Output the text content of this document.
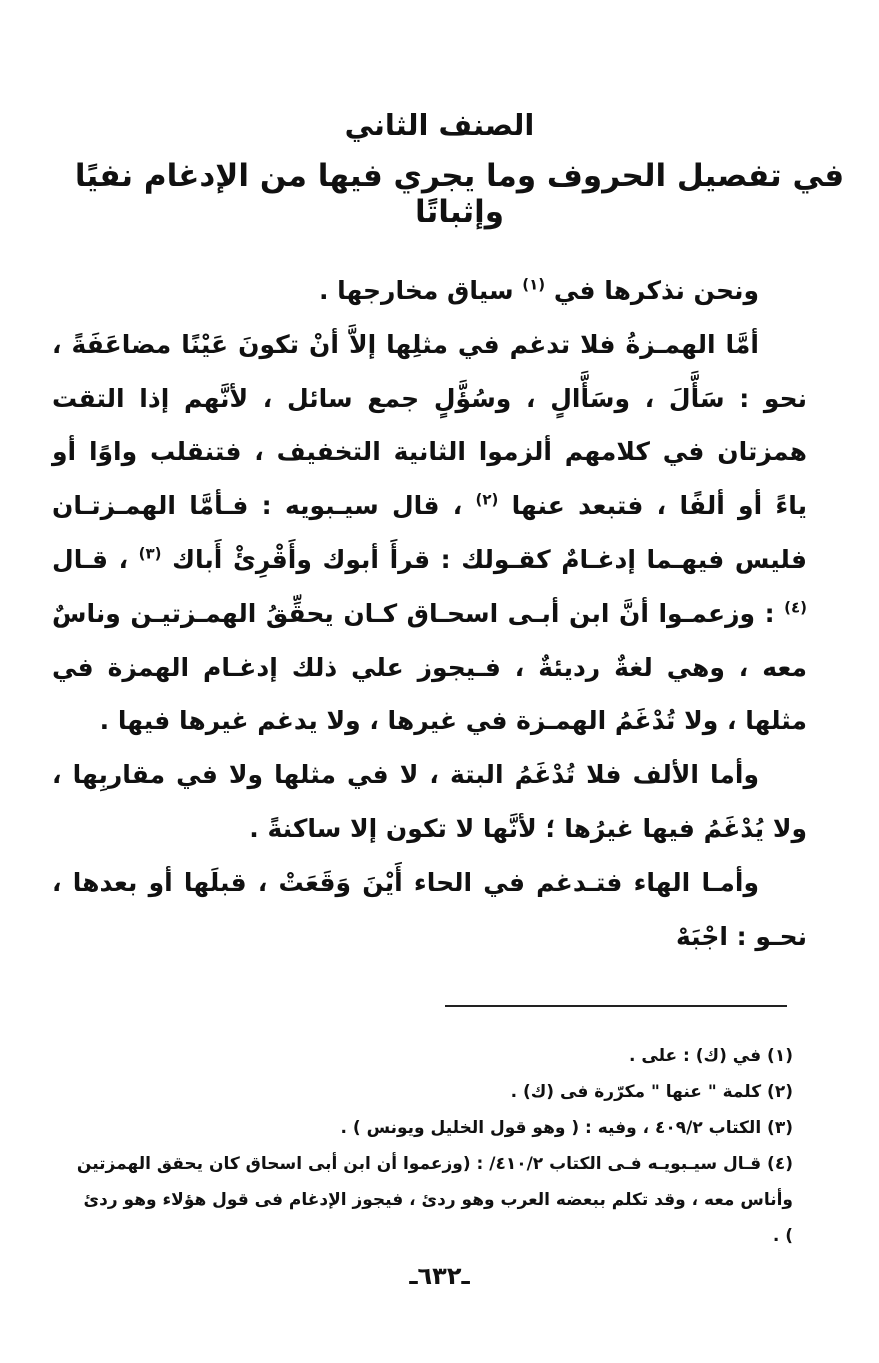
الصنف الثاني
في تفصيل الحروف وما يجري فيها من الإدغام نفيًا وإثباتًا

ونحن نذكرها في $^{(١)}$ سياق مخارجها .

أمَّا الهمـزةُ فلا تدغم في مثلِها إلاَّ أنْ تكونَ عَيْنًا مضاعَفَةً ، نحو : سَأَّلَ ، وسَأَّالٍ ، وسُؤَّلٍ جمع سائل ، لأنَّهم إذا التقت همزتان في كلامهم ألزموا الثانية التخفيف ، فتنقلب واوًا أو ياءً أو ألفًا ، فتبعد عنها $^{(٢)}$ ، قال سيـبويه : فـأمَّا الهمـزتـان فليس فيهـما إدغـامٌ كقـولك : قرأَ أبوك وأَقْرِئْ أَباك $^{(٣)}$ ، قـال $^{(٤)}$ : وزعمـوا أنَّ ابن أبـى اسحـاق كـان يحقِّقُ الهمـزتيـن وناسٌ معه ، وهي لغةٌ رديئةٌ ، فـيجوز علي ذلك إدغـام الهمزة في مثلها ، ولا تُدْغَمُ الهمـزة في غيرها ، ولا يدغم غيرها فيها .

وأما الألف فلا تُدْغَمُ البتة ، لا في مثلها ولا في مقاربِها ، ولا يُدْغَمُ فيها غيرُها ؛ لأنَّها لا تكون إلا ساكنةً .

وأمـا الهاء فتـدغم في الحاء أَيْنَ وَقَعَتْ ، قبلَها أو بعدها ، نحـو : اجْبَهْ

(١) في (ك) : على .
(٢) كلمة " عنها " مكرّرة فى (ك) .
(٣) الكتاب ٤٠٩/٢ ، وفيه : ( وهو قول الخليل ويونس ) .
(٤) قـال سيـبويـه فـى الكتاب ٤١٠/٢/ : (وزعموا أن ابن أبى اسحاق كان يحقق الهمزتين وأناس معه ، وقد تكلم ببعضه العرب وهو ردئ ، فيجوز الإدغام فى قول هؤلاء وهو ردئ ) .
ـ٦٣٢ـ
